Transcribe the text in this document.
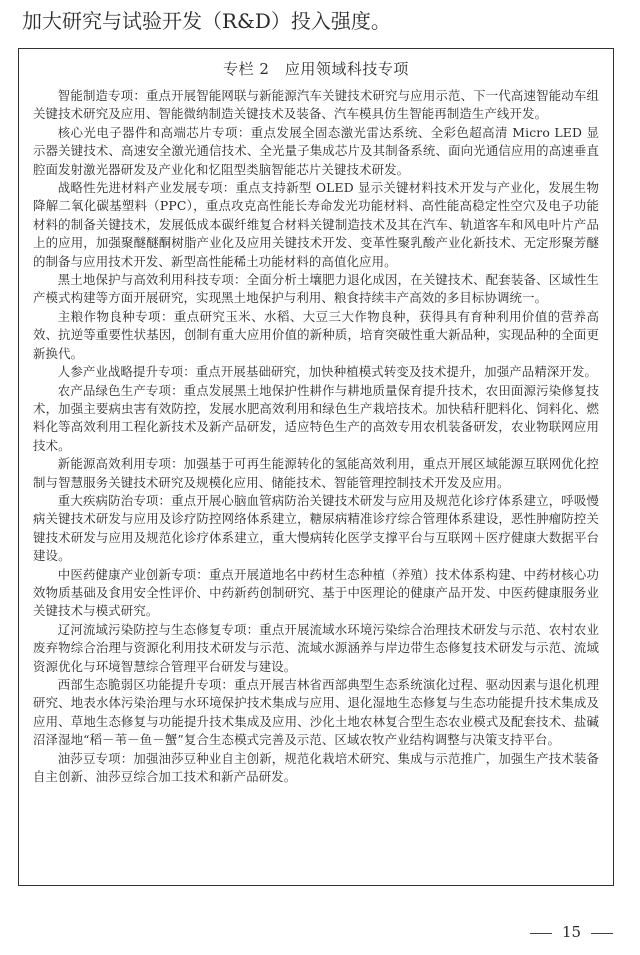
加大研究与试验开发（R&D）投入强度。
专栏 2　应用领域科技专项

智能制造专项：重点开展智能网联与新能源汽车关键技术研究与应用示范、下一代高速智能动车组关键技术研究及应用、智能微纳制造关键技术及装备、汽车模具仿生智能再制造生产线开发。

核心光电子器件和高端芯片专项：重点发展全固态激光雷达系统、全彩色超高清 Micro LED 显示器关键技术、高速安全激光通信技术、全光量子集成芯片及其制备系统、面向光通信应用的高速垂直腔面发射激光器研发及产业化和忆阻型类脑智能芯片关键技术研发。

战略性先进材料产业发展专项：重点支持新型 OLED 显示关键材料技术开发与产业化，发展生物降解二氧化碳基塑料（PPC），重点攻克高性能长寿命发光功能材料、高性能高稳定性空穴及电子功能材料的制备关键技术，发展低成本碳纤维复合材料关键制造技术及其在汽车、轨道客车和风电叶片产品上的应用，加强聚醚醚酮树脂产业化及应用关键技术开发、变革性聚乳酸产业化新技术、无定形聚芳醚的制备与应用技术开发、新型高性能稀土功能材料的高值化应用。

黑土地保护与高效利用科技专项：全面分析土壤肥力退化成因，在关键技术、配套装备、区域性生产模式构建等方面开展研究，实现黑土地保护与利用、粮食持续丰产高效的多目标协调统一。

主粮作物良种专项：重点研究玉米、水稻、大豆三大作物良种，获得具有育种利用价值的营养高效、抗逆等重要性状基因，创制有重大应用价值的新种质，培育突破性重大新品种，实现品种的全面更新换代。

人参产业战略提升专项：重点开展基础研究，加快种植模式转变及技术提升，加强产品精深开发。

农产品绿色生产专项：重点发展黑土地保护性耕作与耕地质量保育提升技术，农田面源污染修复技术，加强主要病虫害有效防控，发展水肥高效利用和绿色生产栽培技术。加快秸秆肥料化、饲料化、燃料化等高效利用工程化新技术及新产品研发，适应特色生产的高效专用农机装备研发，农业物联网应用技术。

新能源高效利用专项：加强基于可再生能源转化的氢能高效利用，重点开展区域能源互联网优化控制与智慧服务关键技术研究及规模化应用、储能技术、智能管理控制技术开发及应用。

重大疾病防治专项：重点开展心脑血管病防治关键技术研发与应用及规范化诊疗体系建立，呼吸慢病关键技术研发与应用及诊疗防控网络体系建立，糖尿病精准诊疗综合管理体系建设，恶性肿瘤防控关键技术研发与应用及规范化诊疗体系建立，重大慢病转化医学支撑平台与互联网＋医疗健康大数据平台建设。

中医药健康产业创新专项：重点开展道地名中药材生态种植（养殖）技术体系构建、中药材核心功效物质基础及食用安全性评价、中药新药创制研究、基于中医理论的健康产品开发、中医药健康服务业关键技术与模式研究。

辽河流域污染防控与生态修复专项：重点开展流域水环境污染综合治理技术研发与示范、农村农业废弃物综合治理与资源化利用技术研发与示范、流域水源涵养与岸边带生态修复技术研发与示范、流域资源优化与环境智慧综合管理平台研发与建设。

西部生态脆弱区功能提升专项：重点开展吉林省西部典型生态系统演化过程、驱动因素与退化机理研究、地表水体污染治理与水环境保护技术集成与应用、退化湿地生态修复与生态功能提升技术集成及应用、草地生态修复与功能提升技术集成及应用、沙化土地农林复合型生态农业模式及配套技术、盐碱沼泽湿地“稻－苇－鱼－蟹”复合生态模式完善及示范、区域农牧产业结构调整与决策支持平台。

油莎豆专项：加强油莎豆种业自主创新，规范化栽培术研究、集成与示范推广，加强生产技术装备自主创新、油莎豆综合加工技术和新产品研发。

15
